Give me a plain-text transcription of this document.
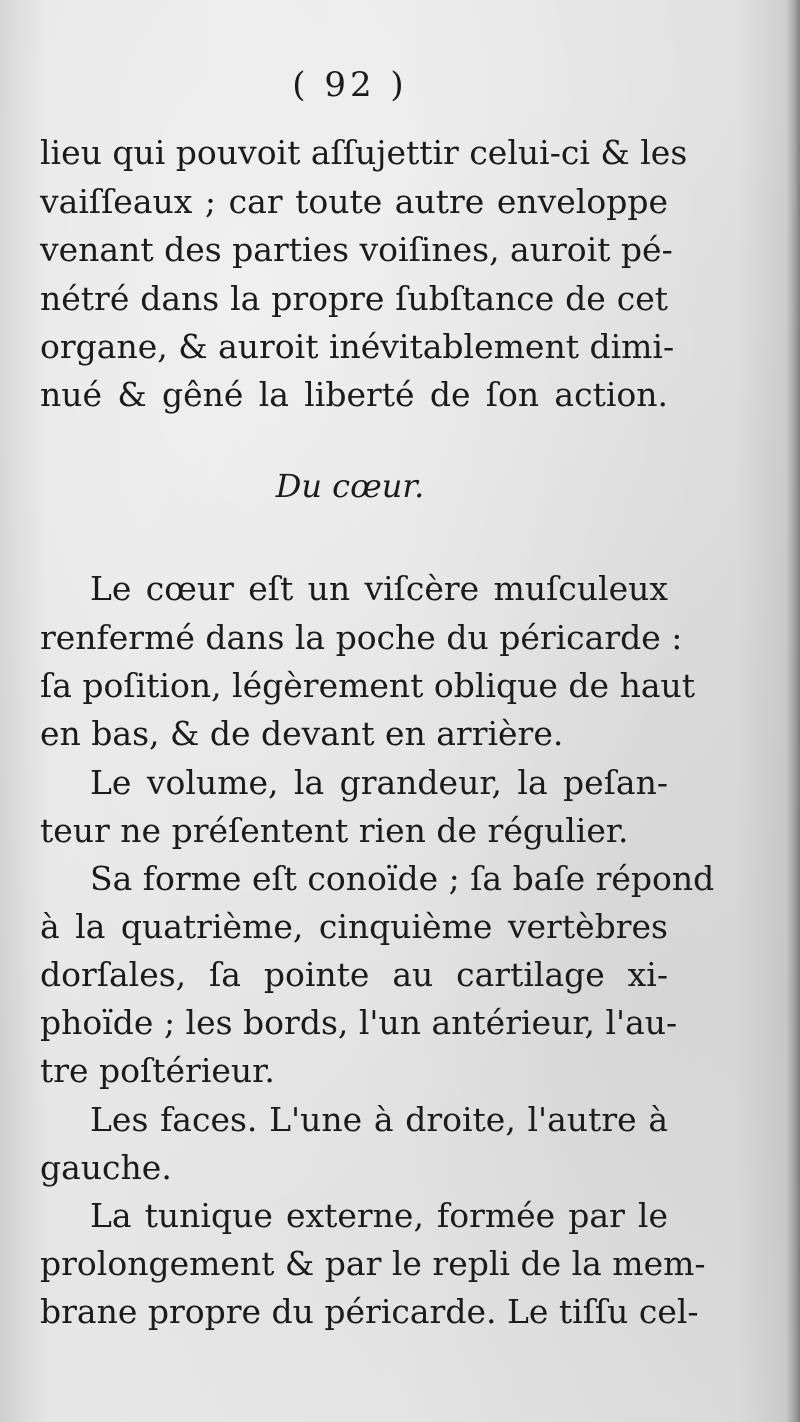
( 92 )
lieu qui pouvoit aſſujettir celui-ci & les
vaiſſeaux ; car toute autre enveloppe
venant des parties voiſines, auroit pé-
nétré dans la propre ſubſtance de cet
organe, & auroit inévitablement dimi-
nué & gêné la liberté de ſon action.
Du cœur.
Le cœur eſt un viſcère muſculeux
renfermé dans la poche du péricarde :
ſa poſition, légèrement oblique de haut
en bas, & de devant en arrière.
Le volume, la grandeur, la peſan-
teur ne préſentent rien de régulier.
Sa forme eſt conoïde ; ſa baſe répond
à la quatrième, cinquième vertèbres
dorſales, ſa pointe au cartilage xi-
phoïde ; les bords, l'un antérieur, l'au-
tre poſtérieur.
Les faces. L'une à droite, l'autre à
gauche.
La tunique externe, formée par le
prolongement & par le repli de la mem-
brane propre du péricarde. Le tiſſu cel-
